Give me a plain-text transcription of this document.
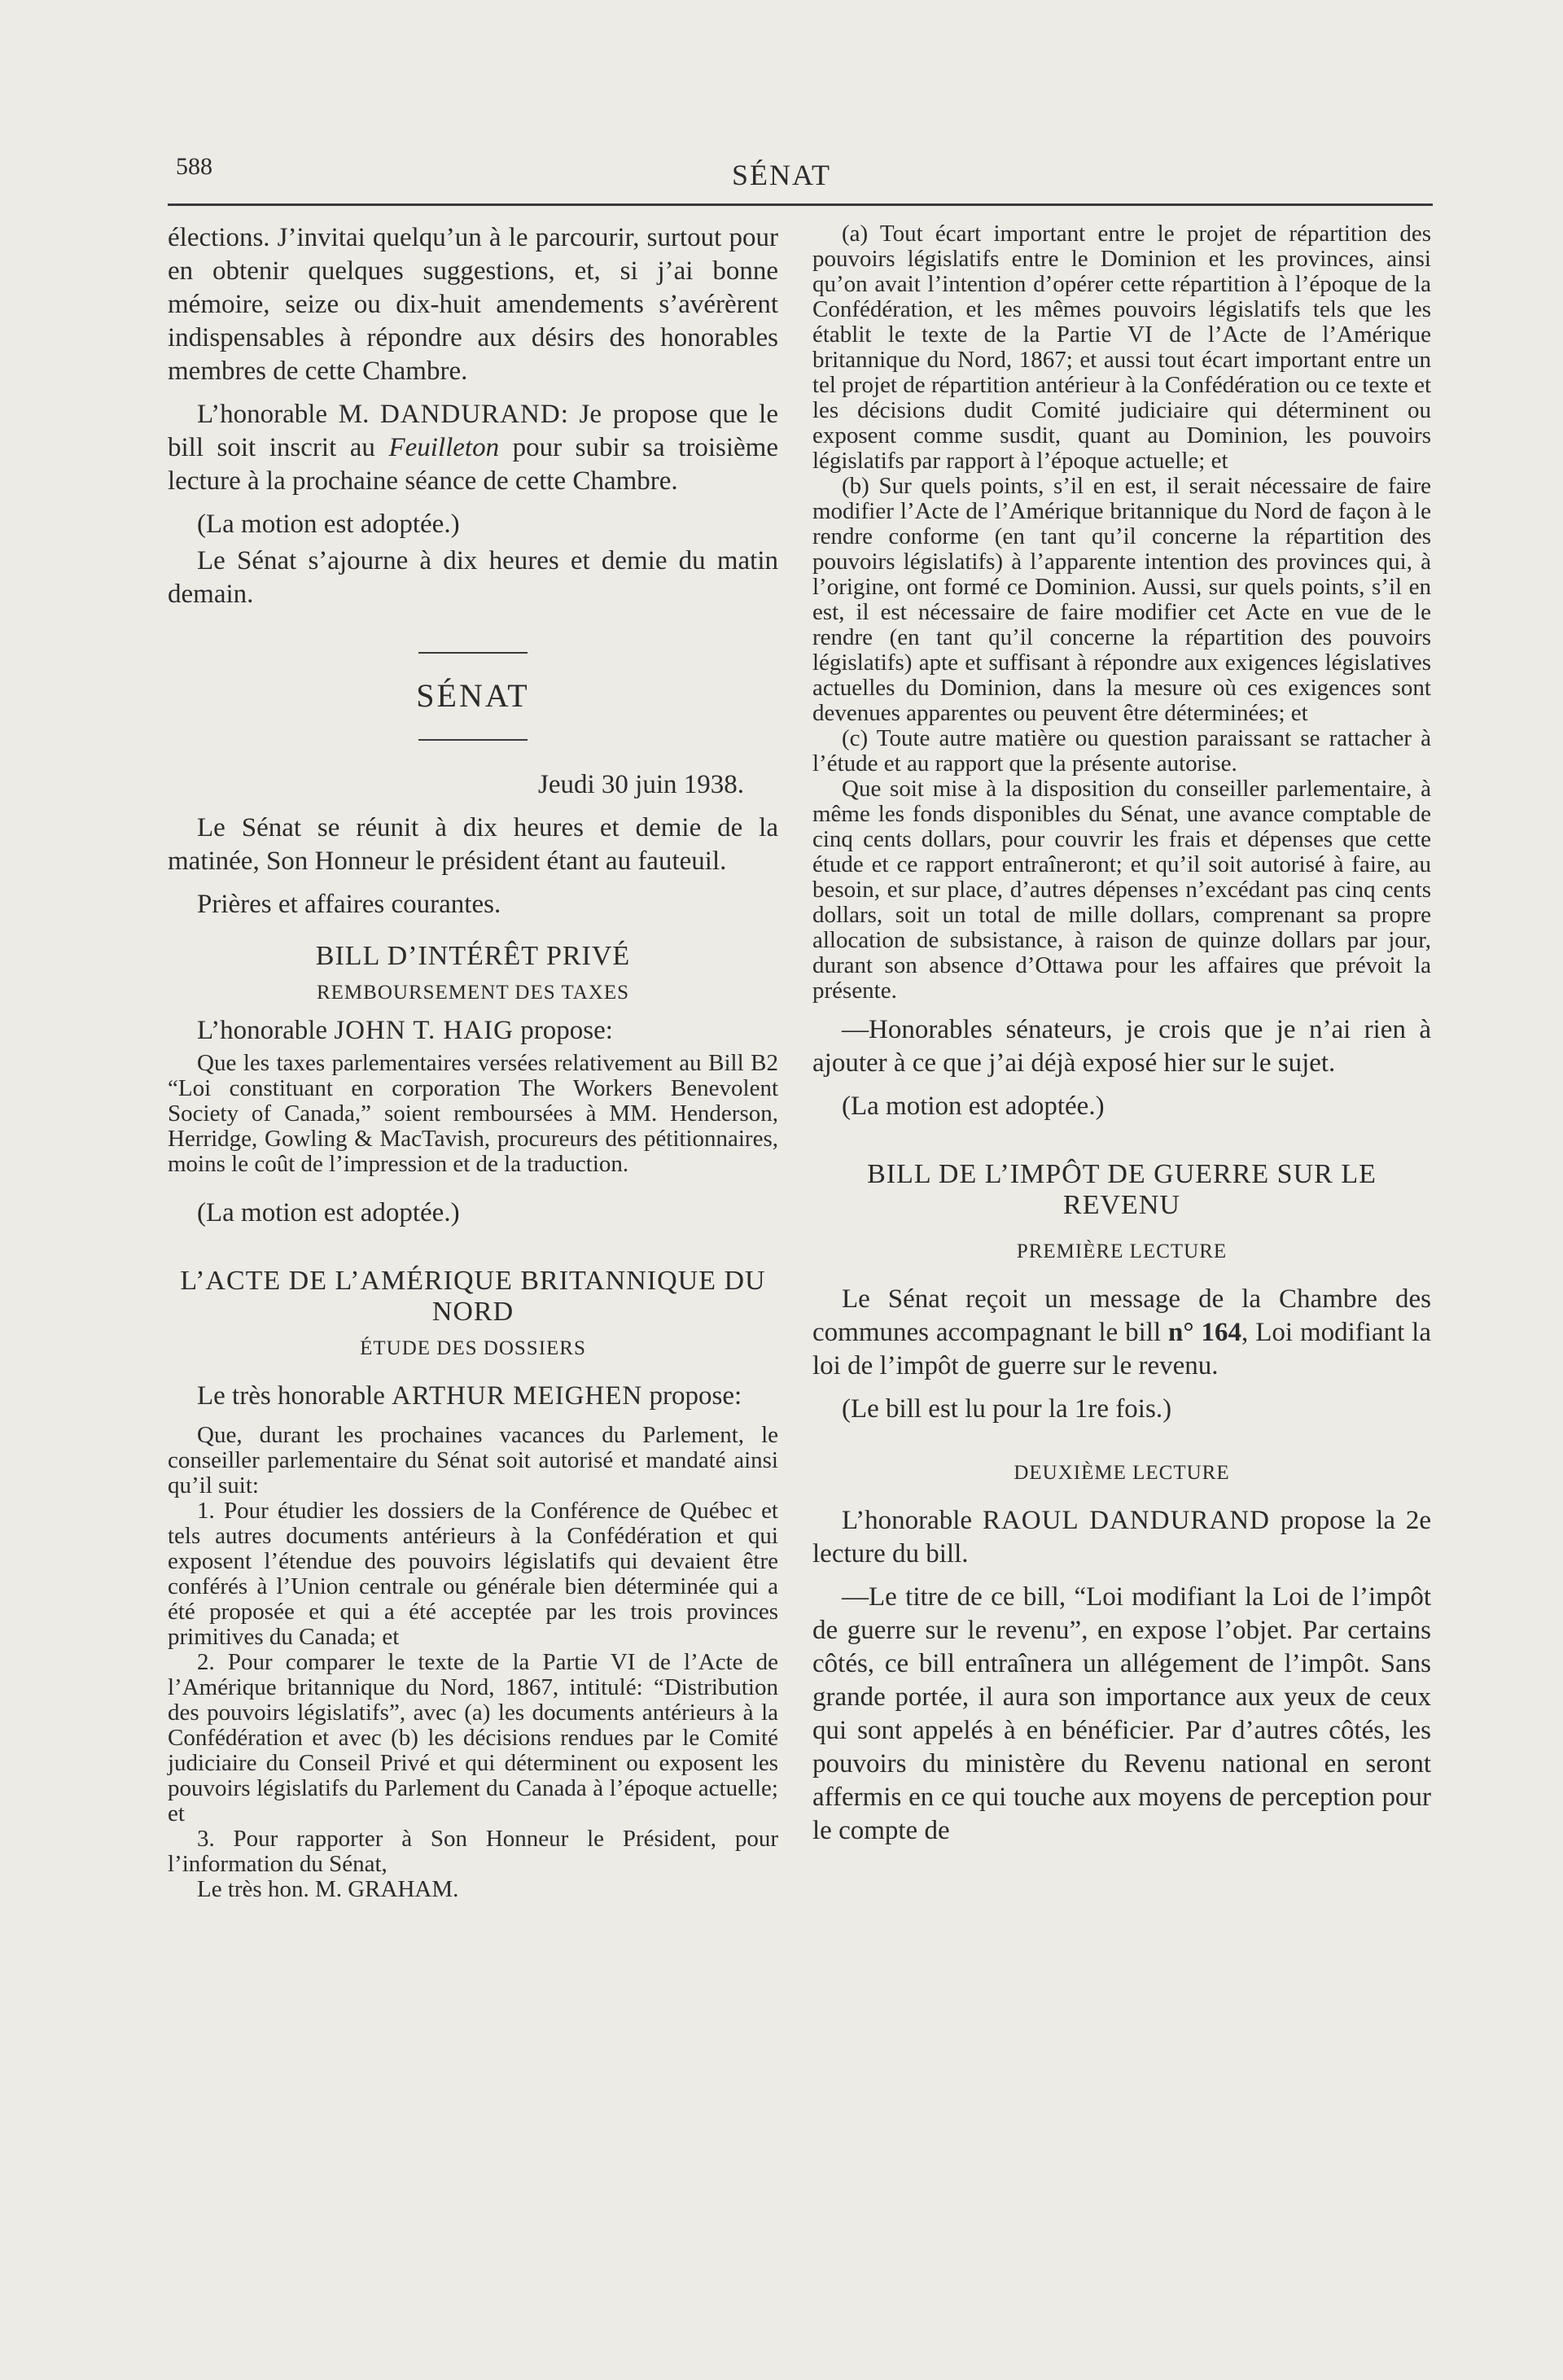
588	SÉNAT

élections. J’invitai quelqu’un à le parcourir, surtout pour en obtenir quelques suggestions, et, si j’ai bonne mémoire, seize ou dix-huit amendements s’avérèrent indispensables à répondre aux désirs des honorables membres de cette Chambre.

L’honorable M. DANDURAND: Je propose que le bill soit inscrit au Feuilleton pour subir sa troisième lecture à la prochaine séance de cette Chambre.

(La motion est adoptée.)

Le Sénat s’ajourne à dix heures et demie du matin demain.

SÉNAT
Jeudi 30 juin 1938.

Le Sénat se réunit à dix heures et demie de la matinée, Son Honneur le président étant au fauteuil.

Prières et affaires courantes.

BILL D’INTÉRÊT PRIVÉ
REMBOURSEMENT DES TAXES

L’honorable JOHN T. HAIG propose:

Que les taxes parlementaires versées relativement au Bill B2 “Loi constituant en corporation The Workers Benevolent Society of Canada,” soient remboursées à MM. Henderson, Herridge, Gowling & MacTavish, procureurs des pétitionnaires, moins le coût de l’impression et de la traduction.

(La motion est adoptée.)

L’ACTE DE L’AMÉRIQUE BRITANNIQUE DU NORD
ÉTUDE DES DOSSIERS

Le très honorable ARTHUR MEIGHEN propose:

Que, durant les prochaines vacances du Parlement, le conseiller parlementaire du Sénat soit autorisé et mandaté ainsi qu’il suit:

1. Pour étudier les dossiers de la Conférence de Québec et tels autres documents antérieurs à la Confédération et qui exposent l’étendue des pouvoirs législatifs qui devaient être conférés à l’Union centrale ou générale bien déterminée qui a été proposée et qui a été acceptée par les trois provinces primitives du Canada; et

2. Pour comparer le texte de la Partie VI de l’Acte de l’Amérique britannique du Nord, 1867, intitulé: “Distribution des pouvoirs législatifs”, avec (a) les documents antérieurs à la Confédération et avec (b) les décisions rendues par le Comité judiciaire du Conseil Privé et qui déterminent ou exposent les pouvoirs législatifs du Parlement du Canada à l’époque actuelle; et

3. Pour rapporter à Son Honneur le Président, pour l’information du Sénat,

Le très hon. M. GRAHAM.

(a) Tout écart important entre le projet de répartition des pouvoirs législatifs entre le Dominion et les provinces, ainsi qu’on avait l’intention d’opérer cette répartition à l’époque de la Confédération, et les mêmes pouvoirs législatifs tels que les établit le texte de la Partie VI de l’Acte de l’Amérique britannique du Nord, 1867; et aussi tout écart important entre un tel projet de répartition antérieur à la Confédération ou ce texte et les décisions dudit Comité judiciaire qui déterminent ou exposent comme susdit, quant au Dominion, les pouvoirs législatifs par rapport à l’époque actuelle; et

(b) Sur quels points, s’il en est, il serait nécessaire de faire modifier l’Acte de l’Amérique britannique du Nord de façon à le rendre conforme (en tant qu’il concerne la répartition des pouvoirs législatifs) à l’apparente intention des provinces qui, à l’origine, ont formé ce Dominion. Aussi, sur quels points, s’il en est, il est nécessaire de faire modifier cet Acte en vue de le rendre (en tant qu’il concerne la répartition des pouvoirs législatifs) apte et suffisant à répondre aux exigences législatives actuelles du Dominion, dans la mesure où ces exigences sont devenues apparentes ou peuvent être déterminées; et

(c) Toute autre matière ou question paraissant se rattacher à l’étude et au rapport que la présente autorise.

Que soit mise à la disposition du conseiller parlementaire, à même les fonds disponibles du Sénat, une avance comptable de cinq cents dollars, pour couvrir les frais et dépenses que cette étude et ce rapport entraîneront; et qu’il soit autorisé à faire, au besoin, et sur place, d’autres dépenses n’excédant pas cinq cents dollars, soit un total de mille dollars, comprenant sa propre allocation de subsistance, à raison de quinze dollars par jour, durant son absence d’Ottawa pour les affaires que prévoit la présente.

—Honorables sénateurs, je crois que je n’ai rien à ajouter à ce que j’ai déjà exposé hier sur le sujet.

(La motion est adoptée.)

BILL DE L’IMPÔT DE GUERRE SUR LE REVENU
PREMIÈRE LECTURE

Le Sénat reçoit un message de la Chambre des communes accompagnant le bill n° 164, Loi modifiant la loi de l’impôt de guerre sur le revenu.

(Le bill est lu pour la 1re fois.)

DEUXIÈME LECTURE

L’honorable RAOUL DANDURAND propose la 2e lecture du bill.

—Le titre de ce bill, “Loi modifiant la Loi de l’impôt de guerre sur le revenu”, en expose l’objet. Par certains côtés, ce bill entraînera un allégement de l’impôt. Sans grande portée, il aura son importance aux yeux de ceux qui sont appelés à en bénéficier. Par d’autres côtés, les pouvoirs du ministère du Revenu national en seront affermis en ce qui touche aux moyens de perception pour le compte de
